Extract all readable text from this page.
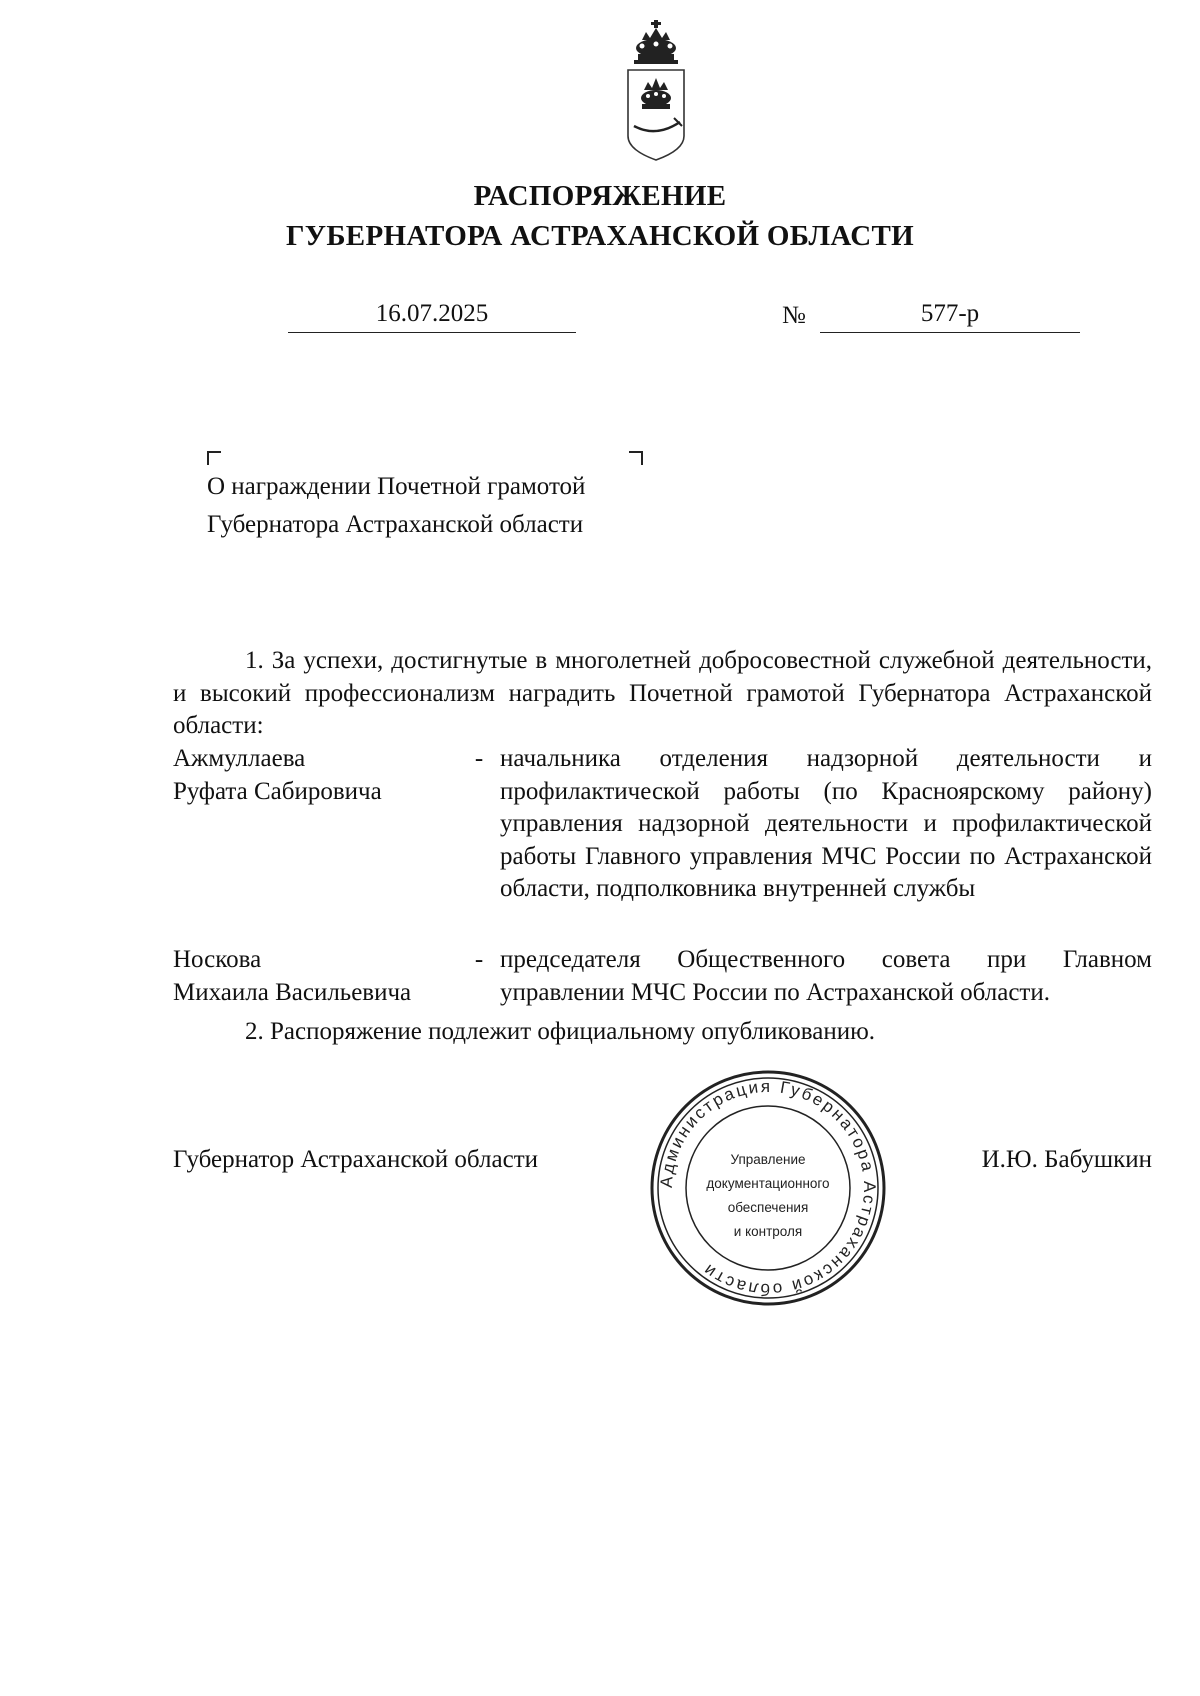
РАСПОРЯЖЕНИЕ
ГУБЕРНАТОРА АСТРАХАНСКОЙ ОБЛАСТИ
16.07.2025	№	577-р
О награждении Почетной грамотой
Губернатора Астраханской области
1. За успехи, достигнутые в многолетней добросовестной служебной деятельности, и высокий профессионализм наградить Почетной грамотой Губернатора Астраханской области:
Ажмуллаева
Руфата Сабировича
- начальника отделения надзорной деятельности и профилактической работы (по Красноярскому району) управления надзорной деятельности и профилактической работы Главного управления МЧС России по Астраханской области, подполковника внутренней службы
Носкова
Михаила Васильевича
- председателя Общественного совета при Главном управлении МЧС России по Астраханской области.
2. Распоряжение подлежит официальному опубликованию.
Губернатор Астраханской области	И.Ю. Бабушкин
Администрация Губернатора Астраханской области
Управление
документационного
обеспечения
и контроля
